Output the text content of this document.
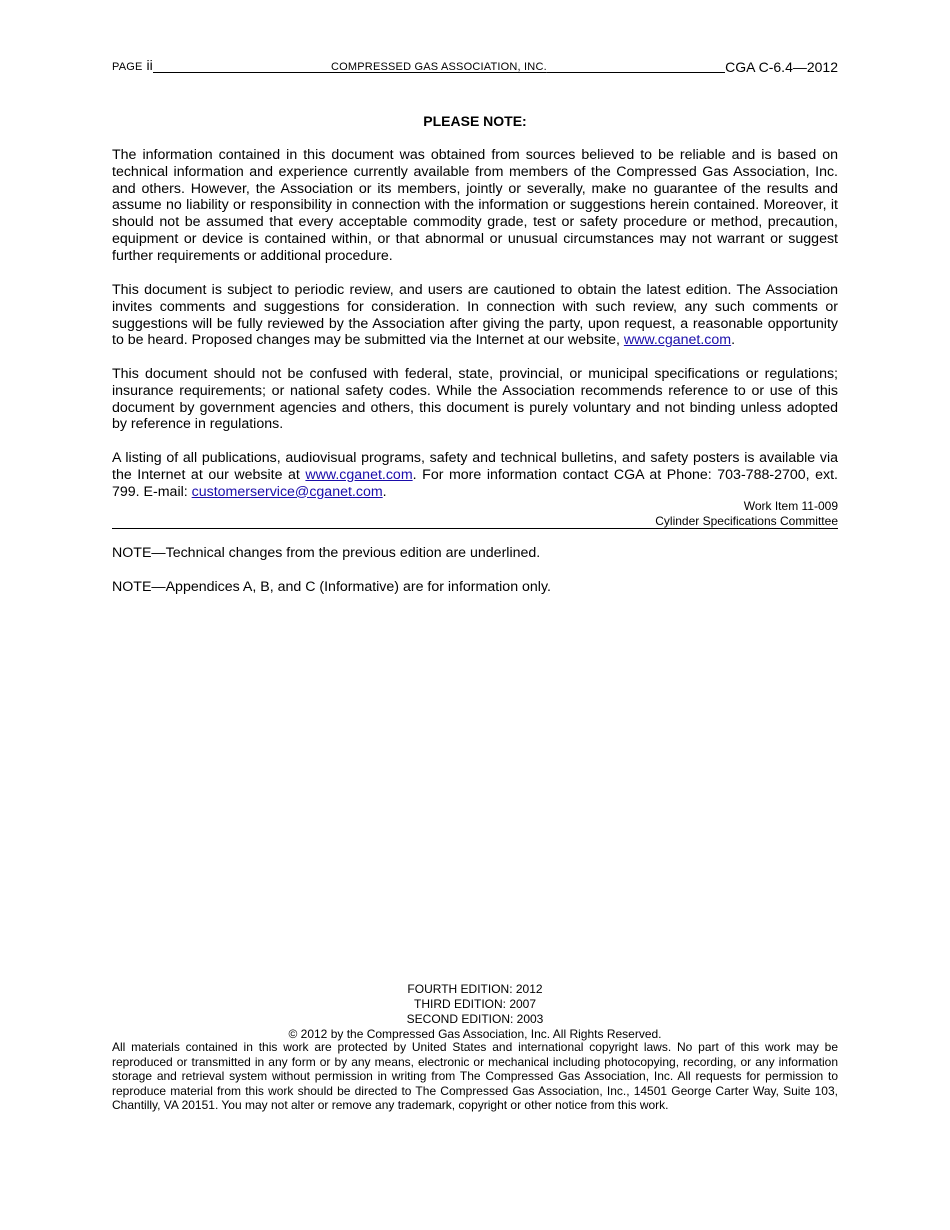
PAGE ii	COMPRESSED GAS ASSOCIATION, INC.	CGA C-6.4—2012
PLEASE NOTE:

The information contained in this document was obtained from sources believed to be reliable and is based on technical information and experience currently available from members of the Compressed Gas Association, Inc. and others. However, the Association or its members, jointly or severally, make no guarantee of the results and assume no liability or responsibility in connection with the information or suggestions herein contained. Moreover, it should not be assumed that every acceptable commodity grade, test or safety procedure or method, precaution, equipment or device is contained within, or that abnormal or unusual circumstances may not warrant or suggest further requirements or additional procedure.

This document is subject to periodic review, and users are cautioned to obtain the latest edition. The Association invites comments and suggestions for consideration. In connection with such review, any such comments or suggestions will be fully reviewed by the Association after giving the party, upon request, a reasonable opportunity to be heard. Proposed changes may be submitted via the Internet at our website, www.cganet.com.

This document should not be confused with federal, state, provincial, or municipal specifications or regulations; insurance requirements; or national safety codes. While the Association recommends reference to or use of this document by government agencies and others, this document is purely voluntary and not binding unless adopted by reference in regulations.

A listing of all publications, audiovisual programs, safety and technical bulletins, and safety posters is available via the Internet at our website at www.cganet.com. For more information contact CGA at Phone: 703-788-2700, ext. 799. E-mail: customerservice@cganet.com.

Work Item 11-009
Cylinder Specifications Committee

NOTE—Technical changes from the previous edition are underlined.

NOTE—Appendices A, B, and C (Informative) are for information only.

FOURTH EDITION: 2012
THIRD EDITION: 2007
SECOND EDITION: 2003
© 2012 by the Compressed Gas Association, Inc. All Rights Reserved.

All materials contained in this work are protected by United States and international copyright laws. No part of this work may be reproduced or transmitted in any form or by any means, electronic or mechanical including photocopying, recording, or any information storage and retrieval system without permission in writing from The Compressed Gas Association, Inc. All requests for permission to reproduce material from this work should be directed to The Compressed Gas Association, Inc., 14501 George Carter Way, Suite 103, Chantilly, VA 20151. You may not alter or remove any trademark, copyright or other notice from this work.
